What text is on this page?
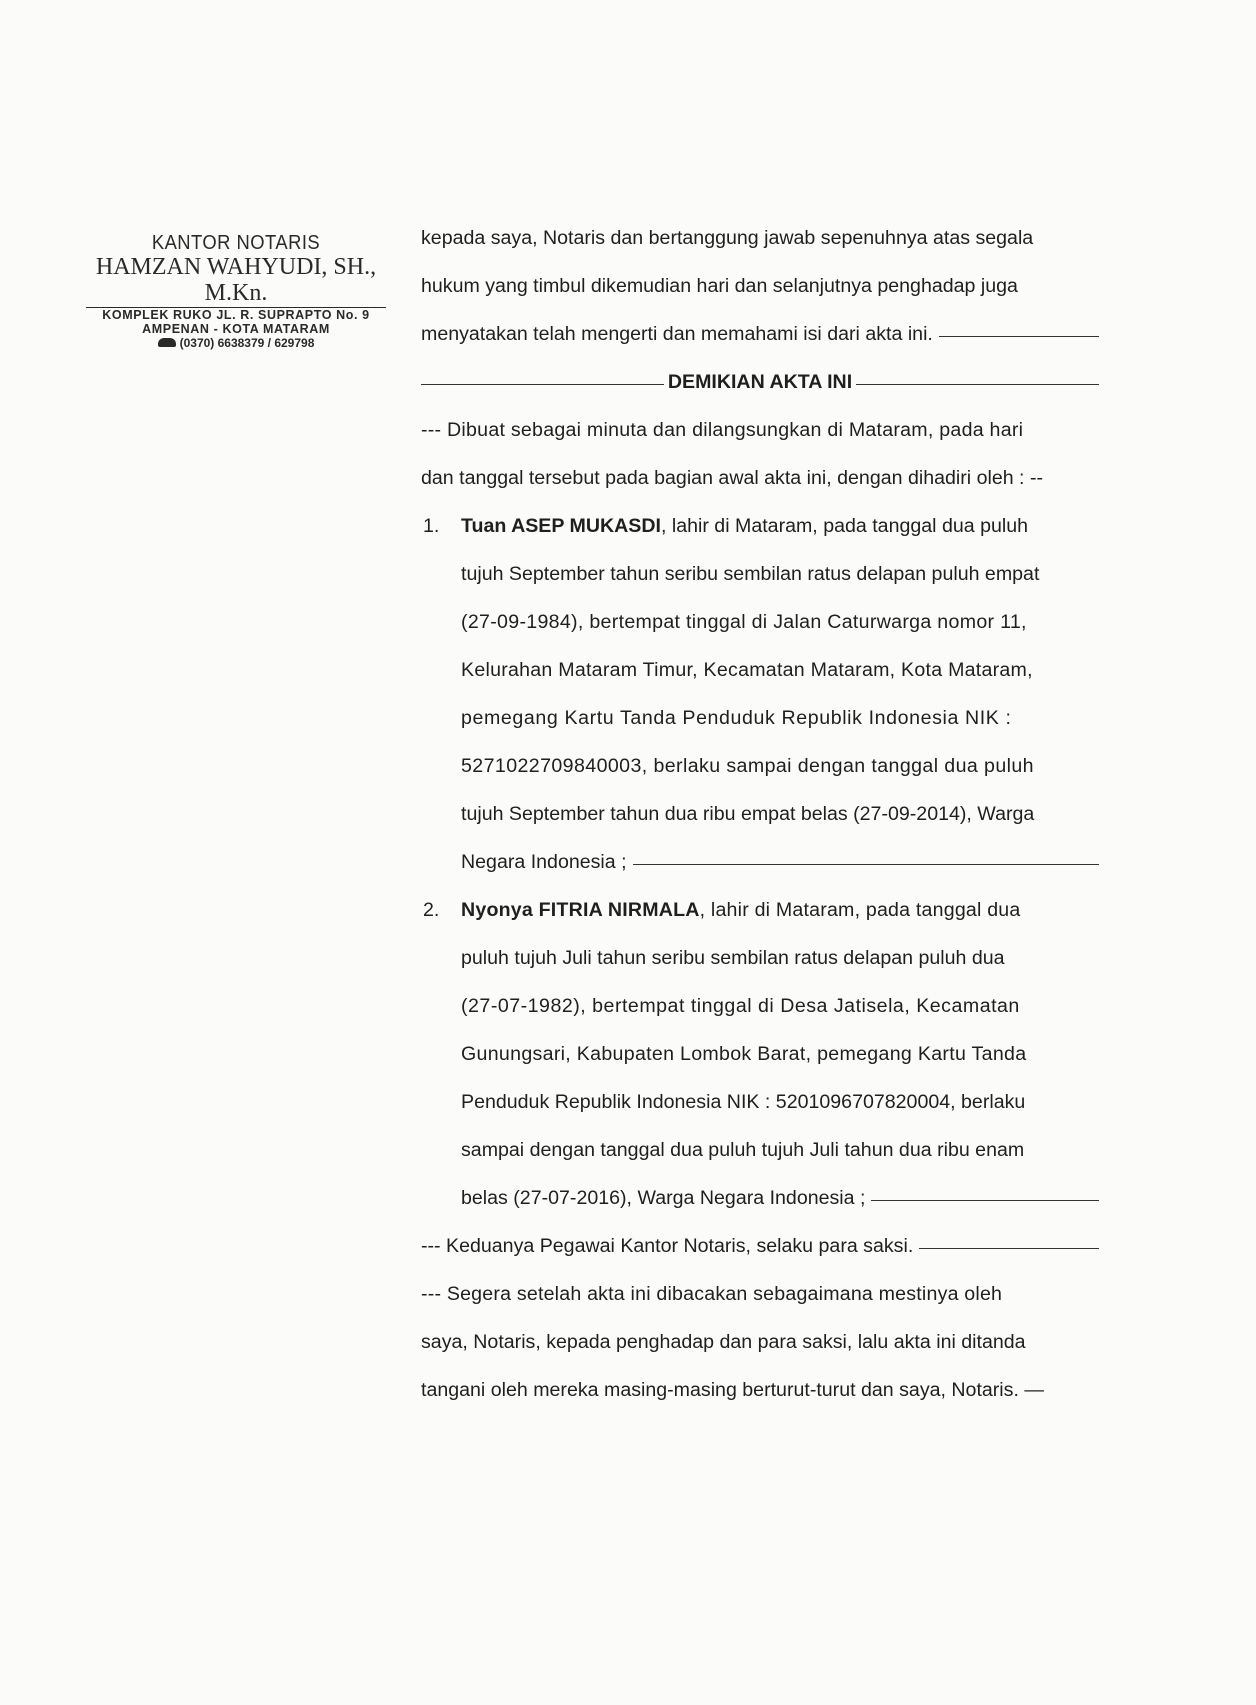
KANTOR NOTARIS
HAMZAN WAHYUDI, SH., M.Kn.
KOMPLEK RUKO JL. R. SUPRAPTO No. 9
AMPENAN - KOTA MATARAM
(0370) 6638379 / 629798
kepada saya, Notaris dan bertanggung jawab sepenuhnya atas segala
hukum yang timbul dikemudian hari dan selanjutnya penghadap juga
menyatakan telah mengerti dan memahami isi dari akta ini.
DEMIKIAN AKTA INI
--- Dibuat sebagai minuta dan dilangsungkan di Mataram, pada hari
dan tanggal tersebut pada bagian awal akta ini, dengan dihadiri oleh : --
1. Tuan ASEP MUKASDI, lahir di Mataram, pada tanggal dua puluh
tujuh September tahun seribu sembilan ratus delapan puluh empat
(27-09-1984), bertempat tinggal di Jalan Caturwarga nomor 11,
Kelurahan Mataram Timur, Kecamatan Mataram, Kota Mataram,
pemegang Kartu Tanda Penduduk Republik Indonesia NIK :
5271022709840003, berlaku sampai dengan tanggal dua puluh
tujuh September tahun dua ribu empat belas (27-09-2014), Warga
Negara Indonesia ;
2. Nyonya FITRIA NIRMALA, lahir di Mataram, pada tanggal dua
puluh tujuh Juli tahun seribu sembilan ratus delapan puluh dua
(27-07-1982), bertempat tinggal di Desa Jatisela, Kecamatan
Gunungsari, Kabupaten Lombok Barat, pemegang Kartu Tanda
Penduduk Republik Indonesia NIK : 5201096707820004, berlaku
sampai dengan tanggal dua puluh tujuh Juli tahun dua ribu enam
belas (27-07-2016), Warga Negara Indonesia ;
--- Keduanya Pegawai Kantor Notaris, selaku para saksi.
--- Segera setelah akta ini dibacakan sebagaimana mestinya oleh
saya, Notaris, kepada penghadap dan para saksi, lalu akta ini ditanda
tangani oleh mereka masing-masing berturut-turut dan saya, Notaris. —
